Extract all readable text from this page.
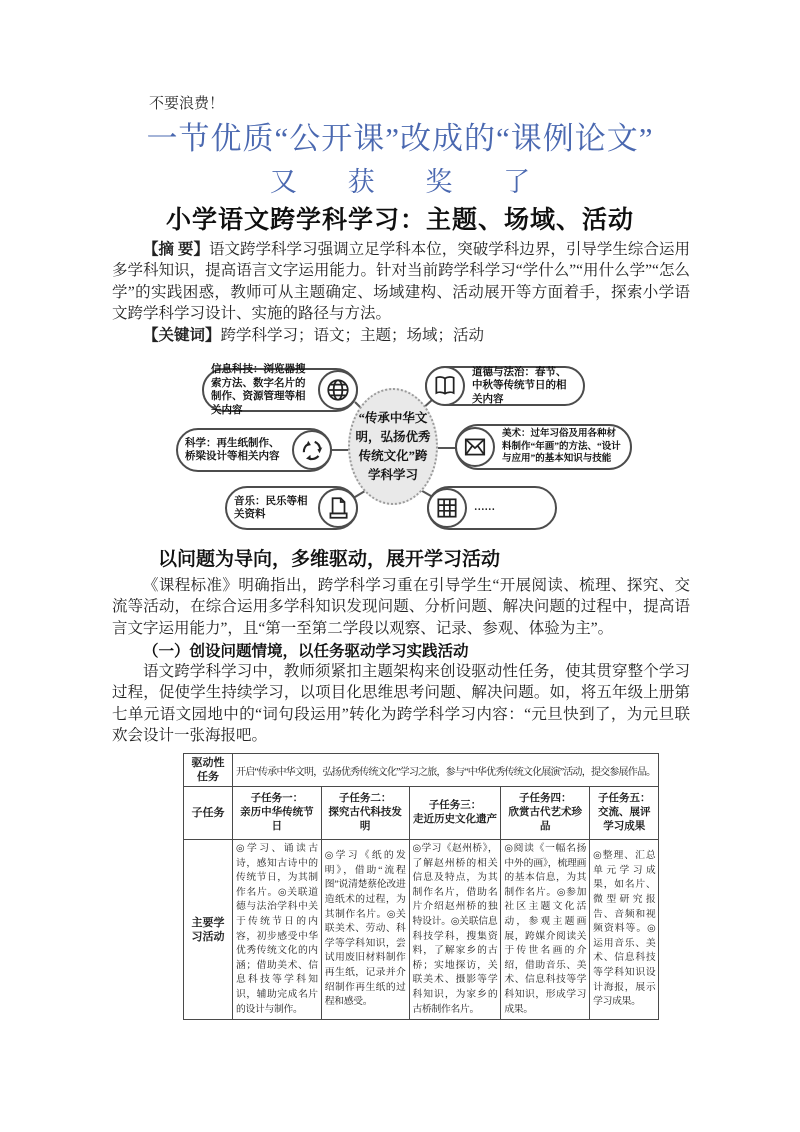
不要浪费！
一节优质“公开课”改成的“课例论文”
又 获 奖 了
小学语文跨学科学习：主题、场域、活动

【摘 要】语文跨学科学习强调立足学科本位，突破学科边界，引导学生综合运用多学科知识，提高语言文字运用能力。针对当前跨学科学习“学什么”“用什么学”“怎么学”的实践困惑，教师可从主题确定、场域建构、活动展开等方面着手，探索小学语文跨学科学习设计、实施的路径与方法。

【关键词】跨学科学习；语文；主题；场域；活动

信息科技：浏览器搜索方法、数字名片的制作、资源管理等相关内容
道德与法治：春节、中秋等传统节日的相关内容
科学：再生纸制作、桥梁设计等相关内容
美术：过年习俗及用各种材料制作“年画”的方法、“设计与应用”的基本知识与技能
音乐：民乐等相关资料
……
“传承中华文明，弘扬优秀传统文化”跨学科学习
以问题为导向，多维驱动，展开学习活动

《课程标准》明确指出，跨学科学习重在引导学生“开展阅读、梳理、探究、交流等活动，在综合运用多学科知识发现问题、分析问题、解决问题的过程中，提高语言文字运用能力”，且“第一至第二学段以观察、记录、参观、体验为主”。

（一）创设问题情境，以任务驱动学习实践活动

语文跨学科学习中，教师须紧扣主题架构来创设驱动性任务，使其贯穿整个学习过程，促使学生持续学习，以项目化思维思考问题、解决问题。如，将五年级上册第七单元语文园地中的“词句段运用”转化为跨学科学习内容：“元旦快到了，为元旦联欢会设计一张海报吧。

驱动性任务	开启“传承中华文明，弘扬优秀传统文化”学习之旅，参与“中华优秀传统文化展演”活动，提交参展作品。				
子任务	子任务一：
亲历中华传统节日	子任务二：
探究古代科技发明	子任务三：
走近历史文化遗产	子任务四：
欣赏古代艺术珍品	子任务五：
交流、展评学习成果
主要学习活动	◎学习、诵读古诗，感知古诗中的传统节日，为其制作名片。◎关联道德与法治学科中关于传统节日的内容，初步感受中华优秀传统文化的内涵；借助美术、信息科技等学科知识，辅助完成名片的设计与制作。	◎学习《纸的发明》，借助“流程图”说清楚蔡伦改进造纸术的过程，为其制作名片。◎关联美术、劳动、科学等学科知识，尝试用废旧材料制作再生纸，记录并介绍制作再生纸的过程和感受。	◎学习《赵州桥》，了解赵州桥的相关信息及特点，为其制作名片，借助名片介绍赵州桥的独特设计。◎关联信息科技学科，搜集资料，了解家乡的古桥；实地探访，关联美术、摄影等学科知识，为家乡的古桥制作名片。	◎阅读《一幅名扬中外的画》，梳理画的基本信息，为其制作名片。◎参加社区主题文化活动，参观主题画展，跨媒介阅读关于传世名画的介绍，借助音乐、美术、信息科技等学科知识，形成学习成果。	◎整理、汇总单元学习成果，如名片、微型研究报告、音频和视频资料等。◎运用音乐、美术、信息科技等学科知识设计海报，展示学习成果。
